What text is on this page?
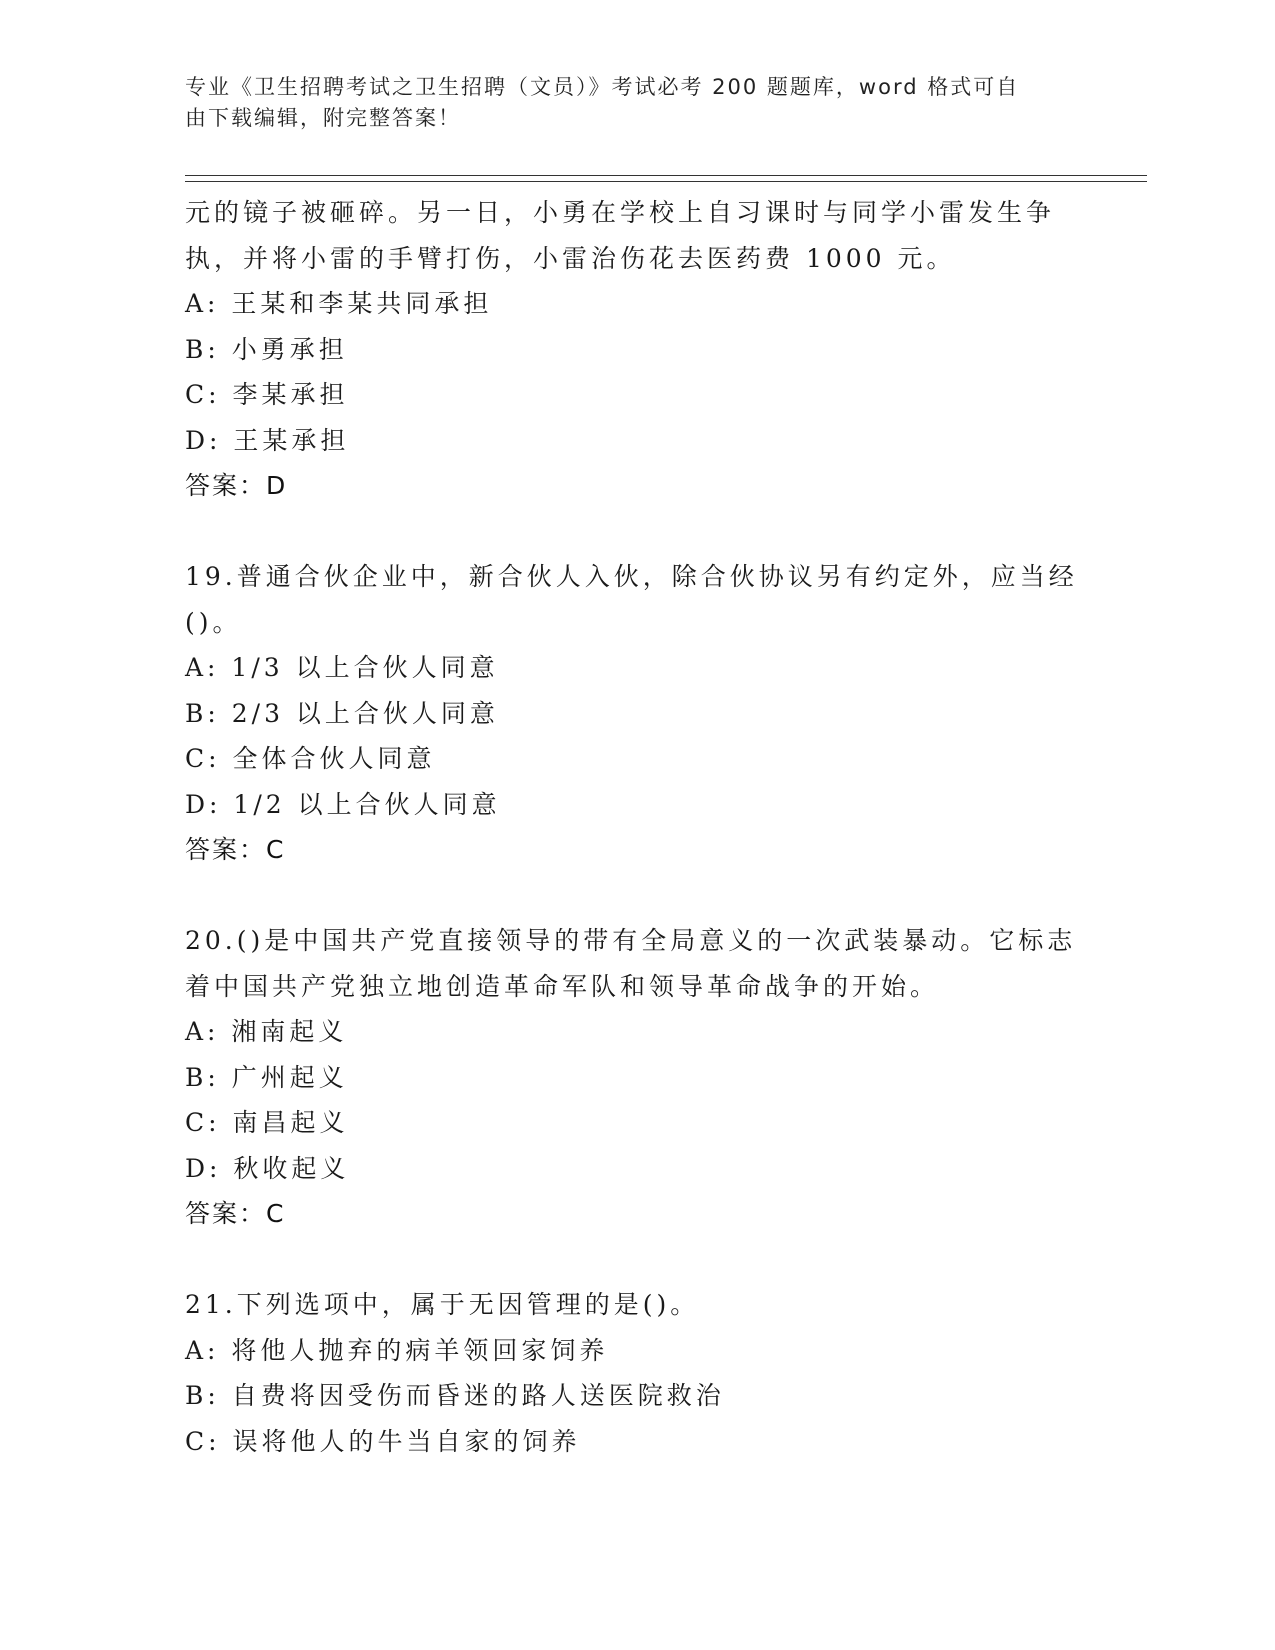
专业《卫生招聘考试之卫生招聘（文员）》考试必考 200 题题库，word 格式可自
由下载编辑，附完整答案！
元的镜子被砸碎。另一日，小勇在学校上自习课时与同学小雷发生争
执，并将小雷的手臂打伤，小雷治伤花去医药费 1000 元。
A: 王某和李某共同承担
B: 小勇承担
C: 李某承担
D: 王某承担
答案：D
19.普通合伙企业中，新合伙人入伙，除合伙协议另有约定外，应当经
()。
A: 1/3 以上合伙人同意
B: 2/3 以上合伙人同意
C: 全体合伙人同意
D: 1/2 以上合伙人同意
答案：C
20.()是中国共产党直接领导的带有全局意义的一次武装暴动。它标志
着中国共产党独立地创造革命军队和领导革命战争的开始。
A: 湘南起义
B: 广州起义
C: 南昌起义
D: 秋收起义
答案：C
21.下列选项中，属于无因管理的是()。
A: 将他人抛弃的病羊领回家饲养
B: 自费将因受伤而昏迷的路人送医院救治
C: 误将他人的牛当自家的饲养
